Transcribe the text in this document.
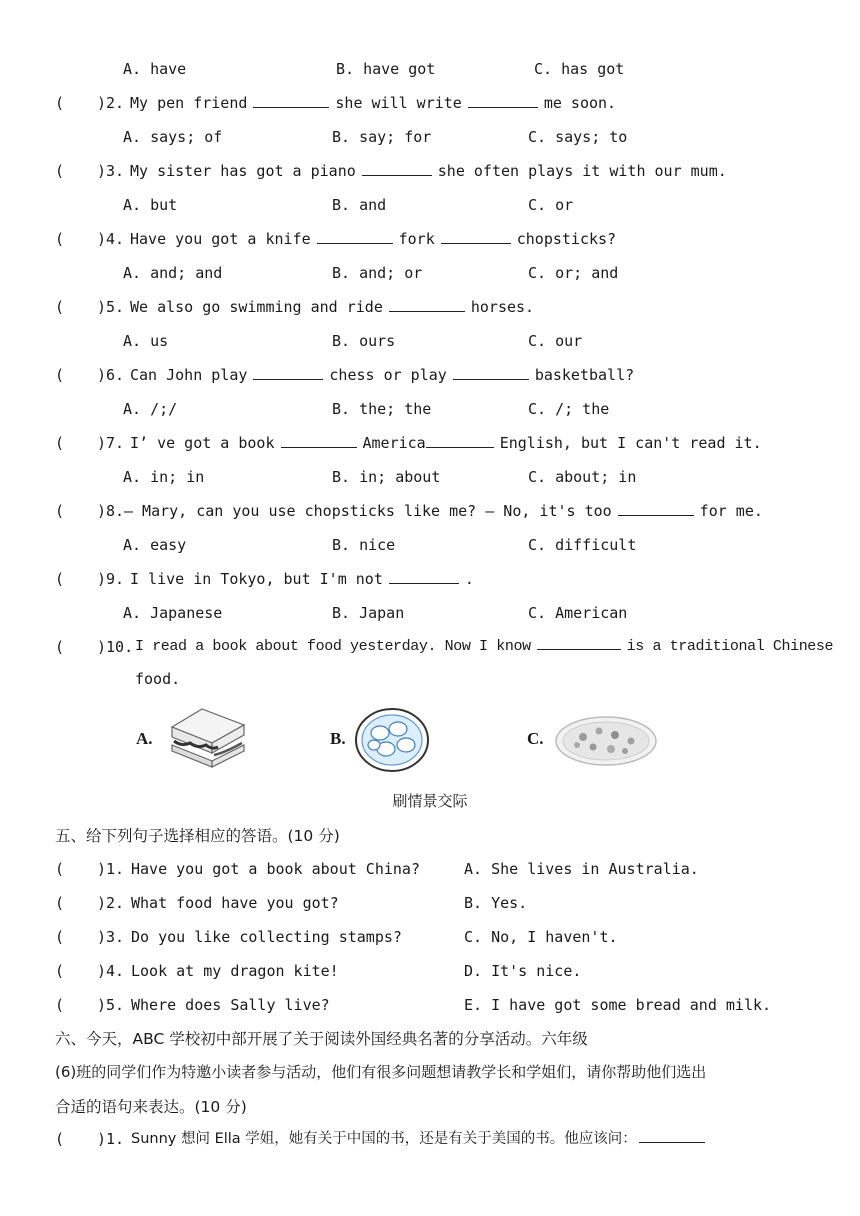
A. have	B. have got	C. has got
( )2. My pen friend	she will write	me soon.
A. says; of	B. say; for	C. says; to
( )3. My sister has got a piano	she often plays it with our mum.
A. but	B. and	C. or
( )4. Have you got a knife	fork	chopsticks?
A. and; and	B. and; or	C. or; and
( )5. We also go swimming and ride	horses.
A. us	B. ours	C. our
( )6. Can John play	chess or play	basketball?
A. /;/	B. the; the	C. /; the
( )7. I’ ve got a book	America	English, but I can't read it.
A. in; in	B. in; about	C. about; in
( )8. — Mary, can you use chopsticks like me? — No, it's too	for me.
A. easy	B. nice	C. difficult
( )9. I live in Tokyo, but I'm not	.
A. Japanese	B. Japan	C. American
( )10. I read a book about food yesterday. Now I know	is a traditional Chinese
food.
A.	B.	C.
刷情景交际
五、给下列句子选择相应的答语。(10 分)
( )1. Have you got a book about China?	A. She lives in Australia.
( )2. What food have you got?	B. Yes.
( )3. Do you like collecting stamps?	C. No, I haven't.
( )4. Look at my dragon kite!	D. It's nice.
( )5. Where does Sally live?	E. I have got some bread and milk.
六、今天，ABC 学校初中部开展了关于阅读外国经典名著的分享活动。六年级
(6)班的同学们作为特邀小读者参与活动，他们有很多问题想请教学长和学姐们，请你帮助他们选出
合适的语句来表达。(10 分)
( )1. Sunny 想问 Ella 学姐，她有关于中国的书，还是有关于美国的书。他应该问：
